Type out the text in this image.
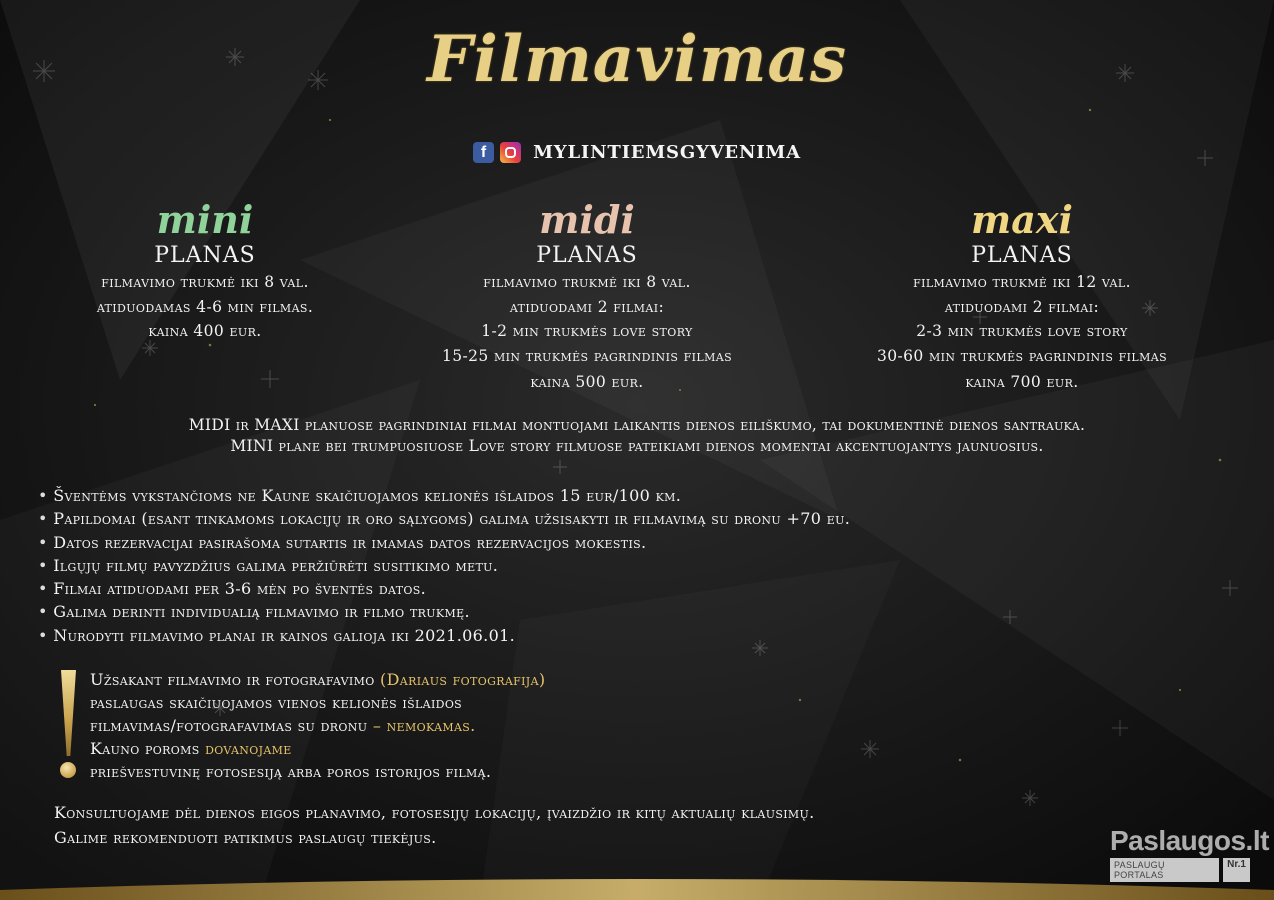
Filmavimas
f	MYLINTIEMSGYVENIMA
mini
PLANAS
filmavimo trukmė iki 8 val.
atiduodamas 4-6 min filmas.
kaina 400 eur.
midi
PLANAS
filmavimo trukmė iki 8 val.
atiduodami 2 filmai:
1-2 min trukmės love story
15-25 min trukmės pagrindinis filmas
kaina 500 eur.
maxi
PLANAS
filmavimo trukmė iki 12 val.
atiduodami 2 filmai:
2-3 min trukmės love story
30-60 min trukmės pagrindinis filmas
kaina 700 eur.
MIDI ir MAXI planuose pagrindiniai filmai montuojami laikantis dienos eiliškumo, tai dokumentinė dienos santrauka.
MINI plane bei trumpuosiuose Love story filmuose pateikiami dienos momentai akcentuojantys jaunuosius.
• Šventėms vykstančioms ne Kaune skaičiuojamos kelionės išlaidos 15 eur/100 km.
• Papildomai (esant tinkamoms lokacijų ir oro sąlygoms) galima užsisakyti ir filmavimą su dronu +70 eu.
• Datos rezervacijai pasirašoma sutartis ir imamas datos rezervacijos mokestis.
• Ilgųjų filmų pavyzdžius galima peržiūrėti susitikimo metu.
• Filmai atiduodami per 3-6 mėn po šventės datos.
• Galima derinti individualią filmavimo ir filmo trukmę.
• Nurodyti filmavimo planai ir kainos galioja iki 2021.06.01.
Užsakant filmavimo ir fotografavimo (Dariaus fotografija)
paslaugas skaičiuojamos vienos kelionės išlaidos
filmavimas/fotografavimas su dronu – nemokamas.
Kauno poroms dovanojame
priešvestuvinę fotosesiją arba poros istorijos filmą.
Konsultuojame dėl dienos eigos planavimo, fotosesijų lokacijų, įvaizdžio ir kitų aktualių klausimų.
Galime rekomenduoti patikimus paslaugų tiekėjus.	Paslaugos.lt
PASLAUGŲ PORTALAS
Nr.1
